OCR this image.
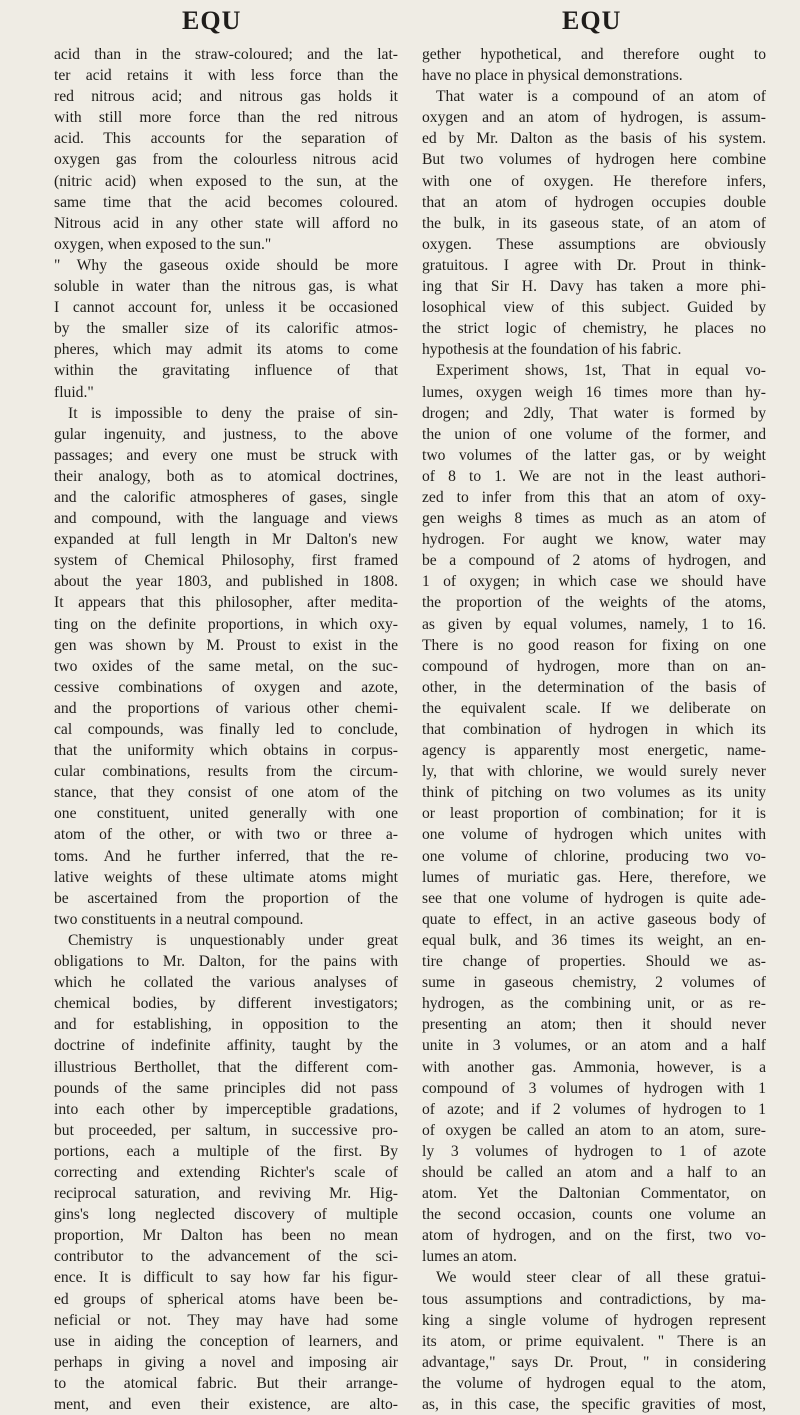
EQU	EQU
acid than in the straw-coloured; and the lat-
ter acid retains it with less force than the
red nitrous acid; and nitrous gas holds it
with still more force than the red nitrous
acid. This accounts for the separation of
oxygen gas from the colourless nitrous acid
(nitric acid) when exposed to the sun, at the
same time that the acid becomes coloured.
Nitrous acid in any other state will afford no
oxygen, when exposed to the sun."
" Why the gaseous oxide should be more
soluble in water than the nitrous gas, is what
I cannot account for, unless it be occasioned
by the smaller size of its calorific atmos-
pheres, which may admit its atoms to come
within the gravitating influence of that
fluid."
It is impossible to deny the praise of sin-
gular ingenuity, and justness, to the above
passages; and every one must be struck with
their analogy, both as to atomical doctrines,
and the calorific atmospheres of gases, single
and compound, with the language and views
expanded at full length in Mr Dalton's new
system of Chemical Philosophy, first framed
about the year 1803, and published in 1808.
It appears that this philosopher, after medita-
ting on the definite proportions, in which oxy-
gen was shown by M. Proust to exist in the
two oxides of the same metal, on the suc-
cessive combinations of oxygen and azote,
and the proportions of various other chemi-
cal compounds, was finally led to conclude,
that the uniformity which obtains in corpus-
cular combinations, results from the circum-
stance, that they consist of one atom of the
one constituent, united generally with one
atom of the other, or with two or three a-
toms. And he further inferred, that the re-
lative weights of these ultimate atoms might
be ascertained from the proportion of the
two constituents in a neutral compound.
Chemistry is unquestionably under great
obligations to Mr. Dalton, for the pains with
which he collated the various analyses of
chemical bodies, by different investigators;
and for establishing, in opposition to the
doctrine of indefinite affinity, taught by the
illustrious Berthollet, that the different com-
pounds of the same principles did not pass
into each other by imperceptible gradations,
but proceeded, per saltum, in successive pro-
portions, each a multiple of the first. By
correcting and extending Richter's scale of
reciprocal saturation, and reviving Mr. Hig-
gins's long neglected discovery of multiple
proportion, Mr Dalton has been no mean
contributor to the advancement of the sci-
ence. It is difficult to say how far his figur-
ed groups of spherical atoms have been be-
neficial or not. They may have had some
use in aiding the conception of learners, and
perhaps in giving a novel and imposing air
to the atomical fabric. But their arrange-
ment, and even their existence, are alto-
gether hypothetical, and therefore ought to
have no place in physical demonstrations.
That water is a compound of an atom of
oxygen and an atom of hydrogen, is assum-
ed by Mr. Dalton as the basis of his system.
But two volumes of hydrogen here combine
with one of oxygen. He therefore infers,
that an atom of hydrogen occupies double
the bulk, in its gaseous state, of an atom of
oxygen. These assumptions are obviously
gratuitous. I agree with Dr. Prout in think-
ing that Sir H. Davy has taken a more phi-
losophical view of this subject. Guided by
the strict logic of chemistry, he places no
hypothesis at the foundation of his fabric.
Experiment shows, 1st, That in equal vo-
lumes, oxygen weigh 16 times more than hy-
drogen; and 2dly, That water is formed by
the union of one volume of the former, and
two volumes of the latter gas, or by weight
of 8 to 1. We are not in the least authori-
zed to infer from this that an atom of oxy-
gen weighs 8 times as much as an atom of
hydrogen. For aught we know, water may
be a compound of 2 atoms of hydrogen, and
1 of oxygen; in which case we should have
the proportion of the weights of the atoms,
as given by equal volumes, namely, 1 to 16.
There is no good reason for fixing on one
compound of hydrogen, more than on an-
other, in the determination of the basis of
the equivalent scale. If we deliberate on
that combination of hydrogen in which its
agency is apparently most energetic, name-
ly, that with chlorine, we would surely never
think of pitching on two volumes as its unity
or least proportion of combination; for it is
one volume of hydrogen which unites with
one volume of chlorine, producing two vo-
lumes of muriatic gas. Here, therefore, we
see that one volume of hydrogen is quite ade-
quate to effect, in an active gaseous body of
equal bulk, and 36 times its weight, an en-
tire change of properties. Should we as-
sume in gaseous chemistry, 2 volumes of
hydrogen, as the combining unit, or as re-
presenting an atom; then it should never
unite in 3 volumes, or an atom and a half
with another gas. Ammonia, however, is a
compound of 3 volumes of hydrogen with 1
of azote; and if 2 volumes of hydrogen to 1
of oxygen be called an atom to an atom, sure-
ly 3 volumes of hydrogen to 1 of azote
should be called an atom and a half to an
atom. Yet the Daltonian Commentator, on
the second occasion, counts one volume an
atom of hydrogen, and on the first, two vo-
lumes an atom.
We would steer clear of all these gratui-
tous assumptions and contradictions, by ma-
king a single volume of hydrogen represent
its atom, or prime equivalent. " There is an
advantage," says Dr. Prout, " in considering
the volume of hydrogen equal to the atom,
as, in this case, the specific gravities of most,
